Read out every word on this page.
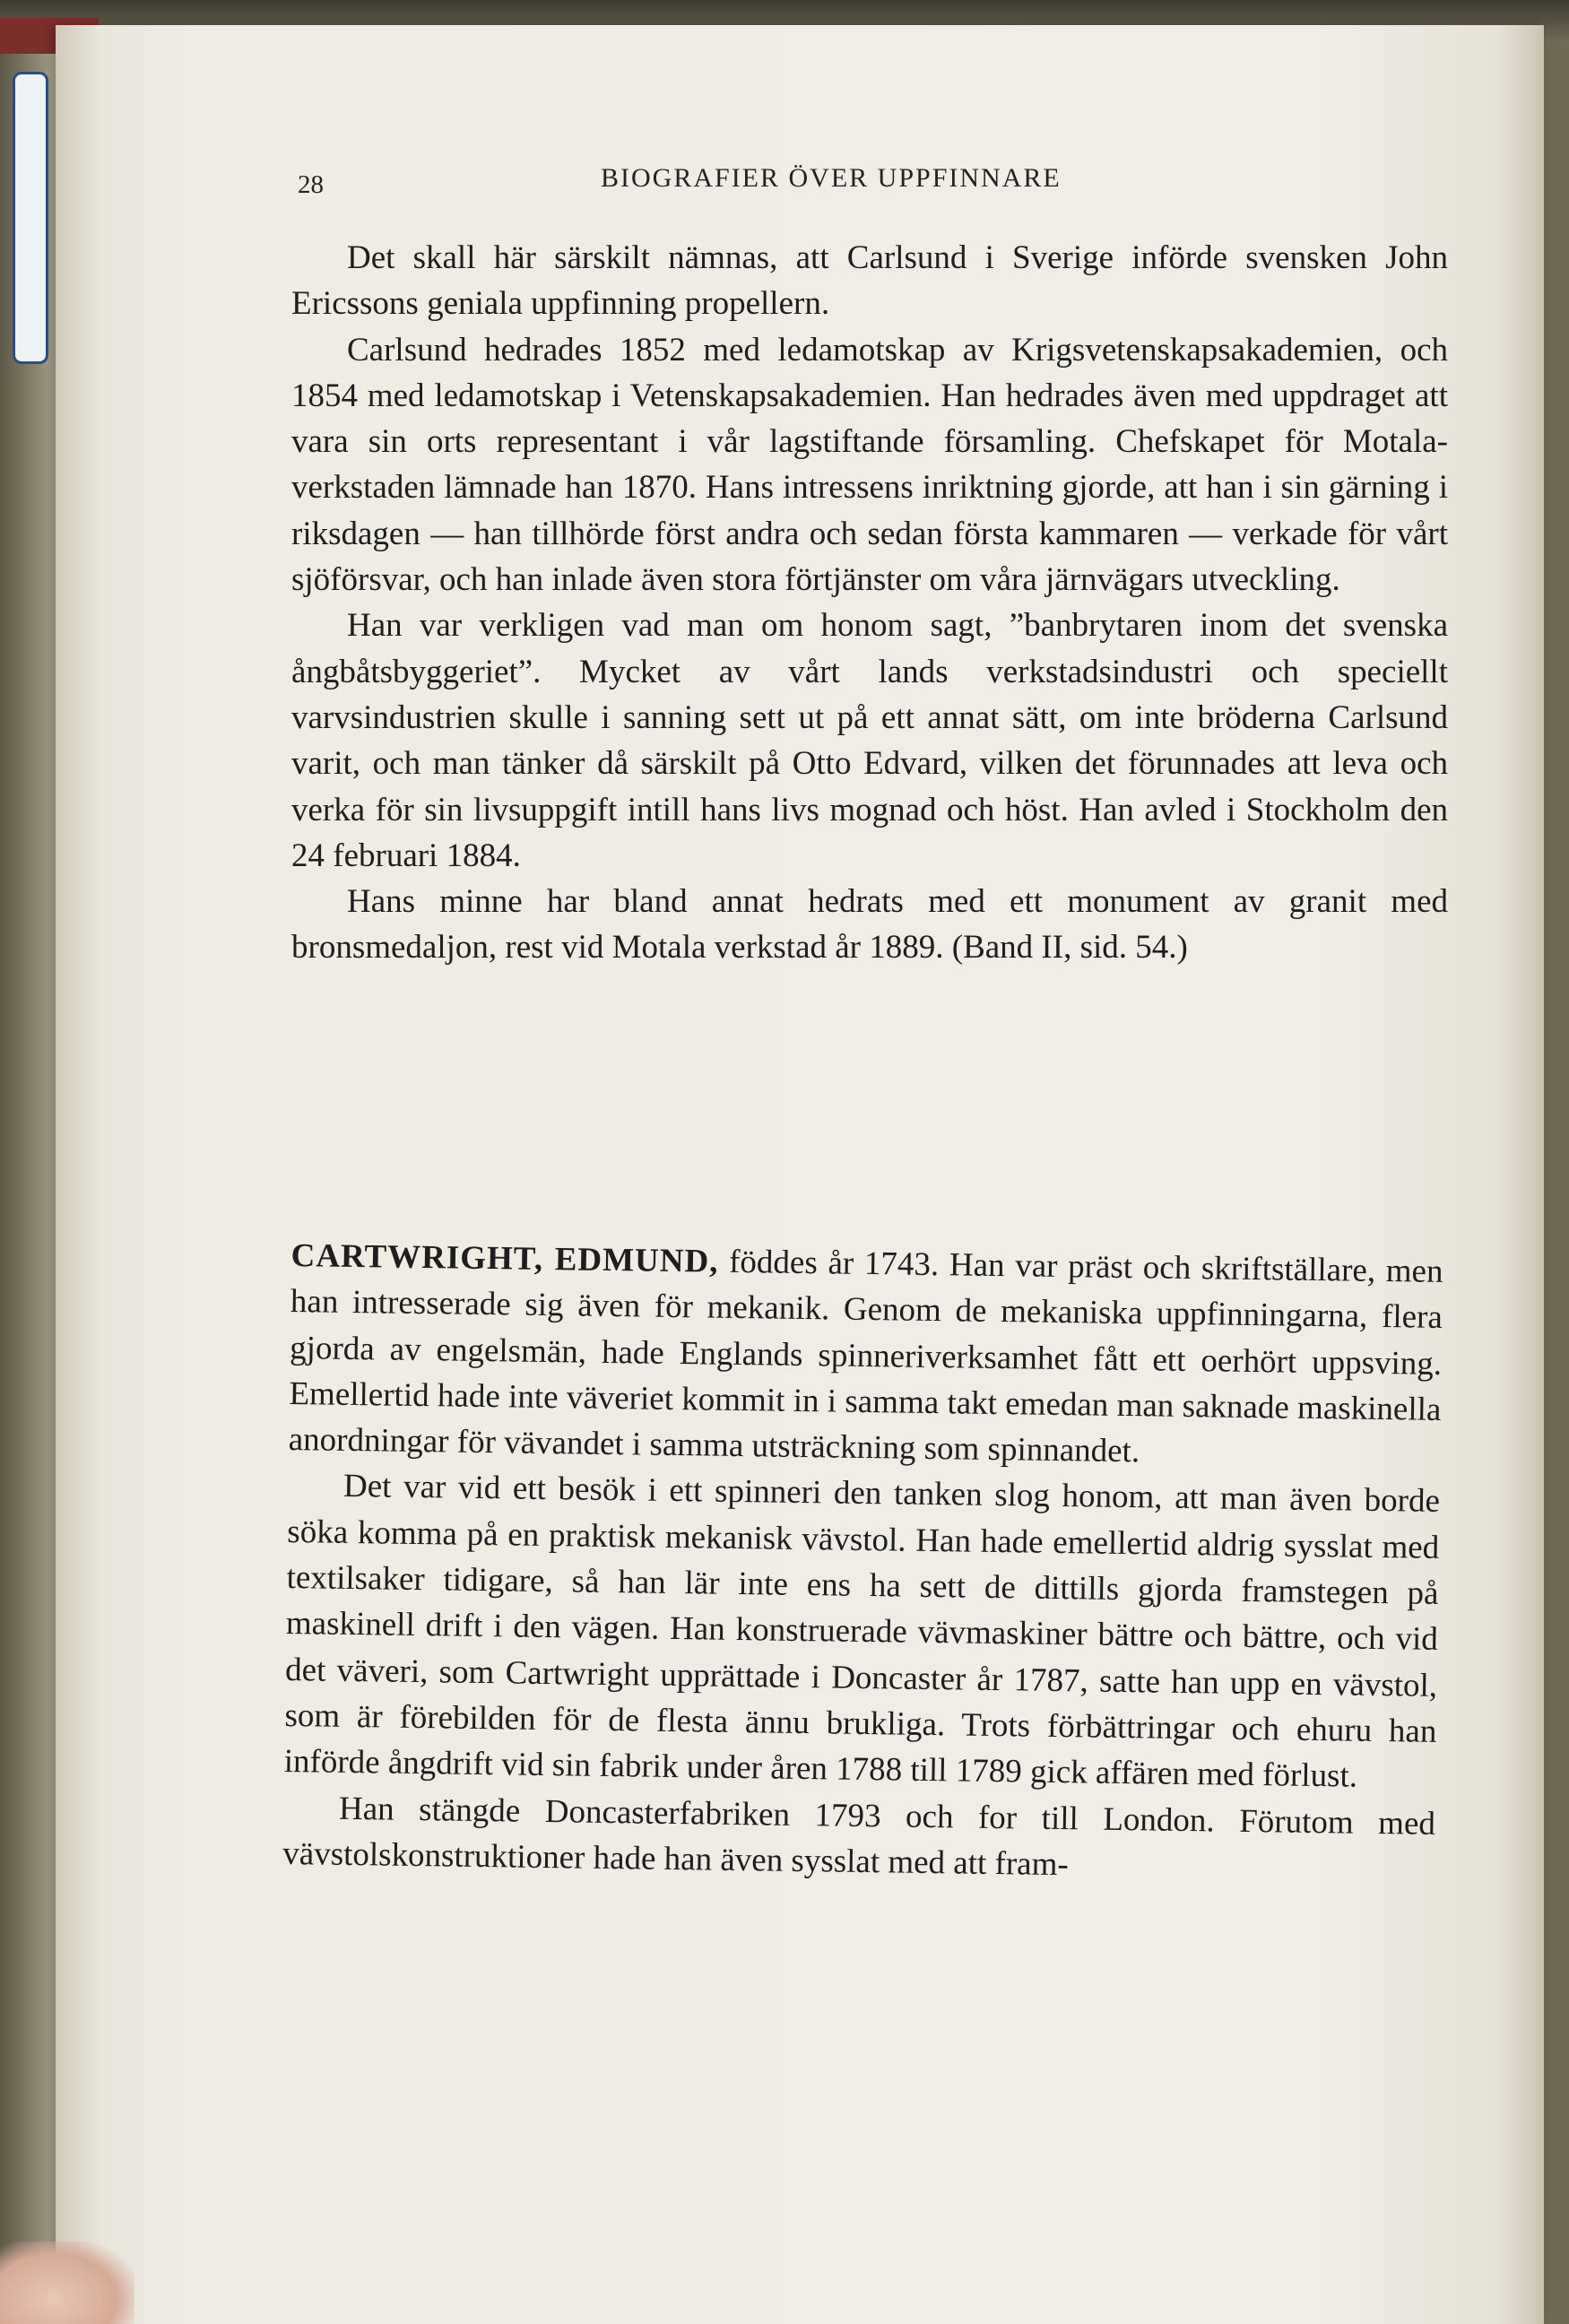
28	BIOGRAFIER ÖVER UPPFINNARE

Det skall här särskilt nämnas, att Carlsund i Sverige införde svensken John Ericssons geniala uppfinning propellern.

Carlsund hedrades 1852 med ledamotskap av Krigsvetenskapsakademien, och 1854 med ledamotskap i Vetenskapsakademien. Han hedrades även med uppdraget att vara sin orts representant i vår lagstiftande församling. Chefskapet för Motala-verkstaden lämnade han 1870. Hans intressens inriktning gjorde, att han i sin gärning i riksdagen — han tillhörde först andra och sedan första kammaren — verkade för vårt sjöförsvar, och han inlade även stora förtjänster om våra järnvägars utveckling.

Han var verkligen vad man om honom sagt, ”banbrytaren inom det svenska ångbåtsbyggeriet”. Mycket av vårt lands verkstadsindustri och speciellt varvsindustrien skulle i sanning sett ut på ett annat sätt, om inte bröderna Carlsund varit, och man tänker då särskilt på Otto Edvard, vilken det förunnades att leva och verka för sin livsuppgift intill hans livs mognad och höst. Han avled i Stockholm den 24 februari 1884.

Hans minne har bland annat hedrats med ett monument av granit med bronsmedaljon, rest vid Motala verkstad år 1889. (Band II, sid. 54.)

CARTWRIGHT, EDMUND, föddes år 1743. Han var präst och skriftställare, men han intresserade sig även för mekanik. Genom de mekaniska uppfinningarna, flera gjorda av engelsmän, hade Englands spinneriverksamhet fått ett oerhört uppsving. Emellertid hade inte väveriet kommit in i samma takt emedan man saknade maskinella anordningar för vävandet i samma utsträckning som spinnandet.

Det var vid ett besök i ett spinneri den tanken slog honom, att man även borde söka komma på en praktisk mekanisk vävstol. Han hade emellertid aldrig sysslat med textilsaker tidigare, så han lär inte ens ha sett de dittills gjorda framstegen på maskinell drift i den vägen. Han konstruerade vävmaskiner bättre och bättre, och vid det väveri, som Cartwright upprättade i Doncaster år 1787, satte han upp en vävstol, som är förebilden för de flesta ännu brukliga. Trots förbättringar och ehuru han införde ångdrift vid sin fabrik under åren 1788 till 1789 gick affären med förlust.

Han stängde Doncasterfabriken 1793 och for till London. Förutom med vävstolskonstruktioner hade han även sysslat med att fram-
